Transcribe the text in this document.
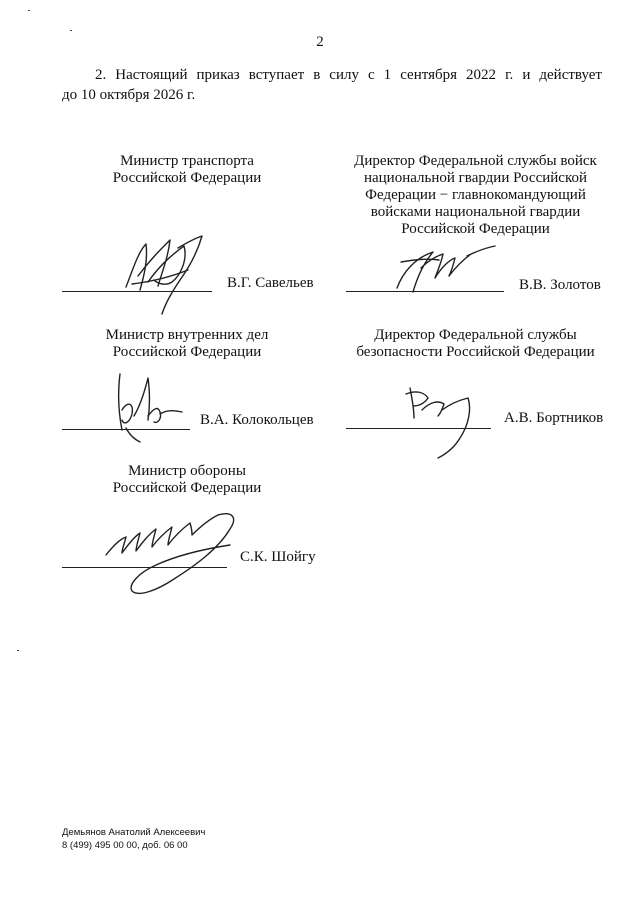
2
2. Настоящий приказ вступает в силу с 1 сентября 2022 г. и действует
до 10 октября 2026 г.
Министр транспорта
Российской Федерации
В.Г. Савельев
Директор Федеральной службы войск
национальной гвардии Российской
Федерации − главнокомандующий
войсками национальной гвардии
Российской Федерации
В.В. Золотов
Министр внутренних дел
Российской Федерации
В.А. Колокольцев
Директор Федеральной службы
безопасности Российской Федерации
А.В. Бортников
Министр обороны
Российской Федерации
С.К. Шойгу
Демьянов Анатолий Алексеевич
8 (499) 495 00 00, доб. 06 00
